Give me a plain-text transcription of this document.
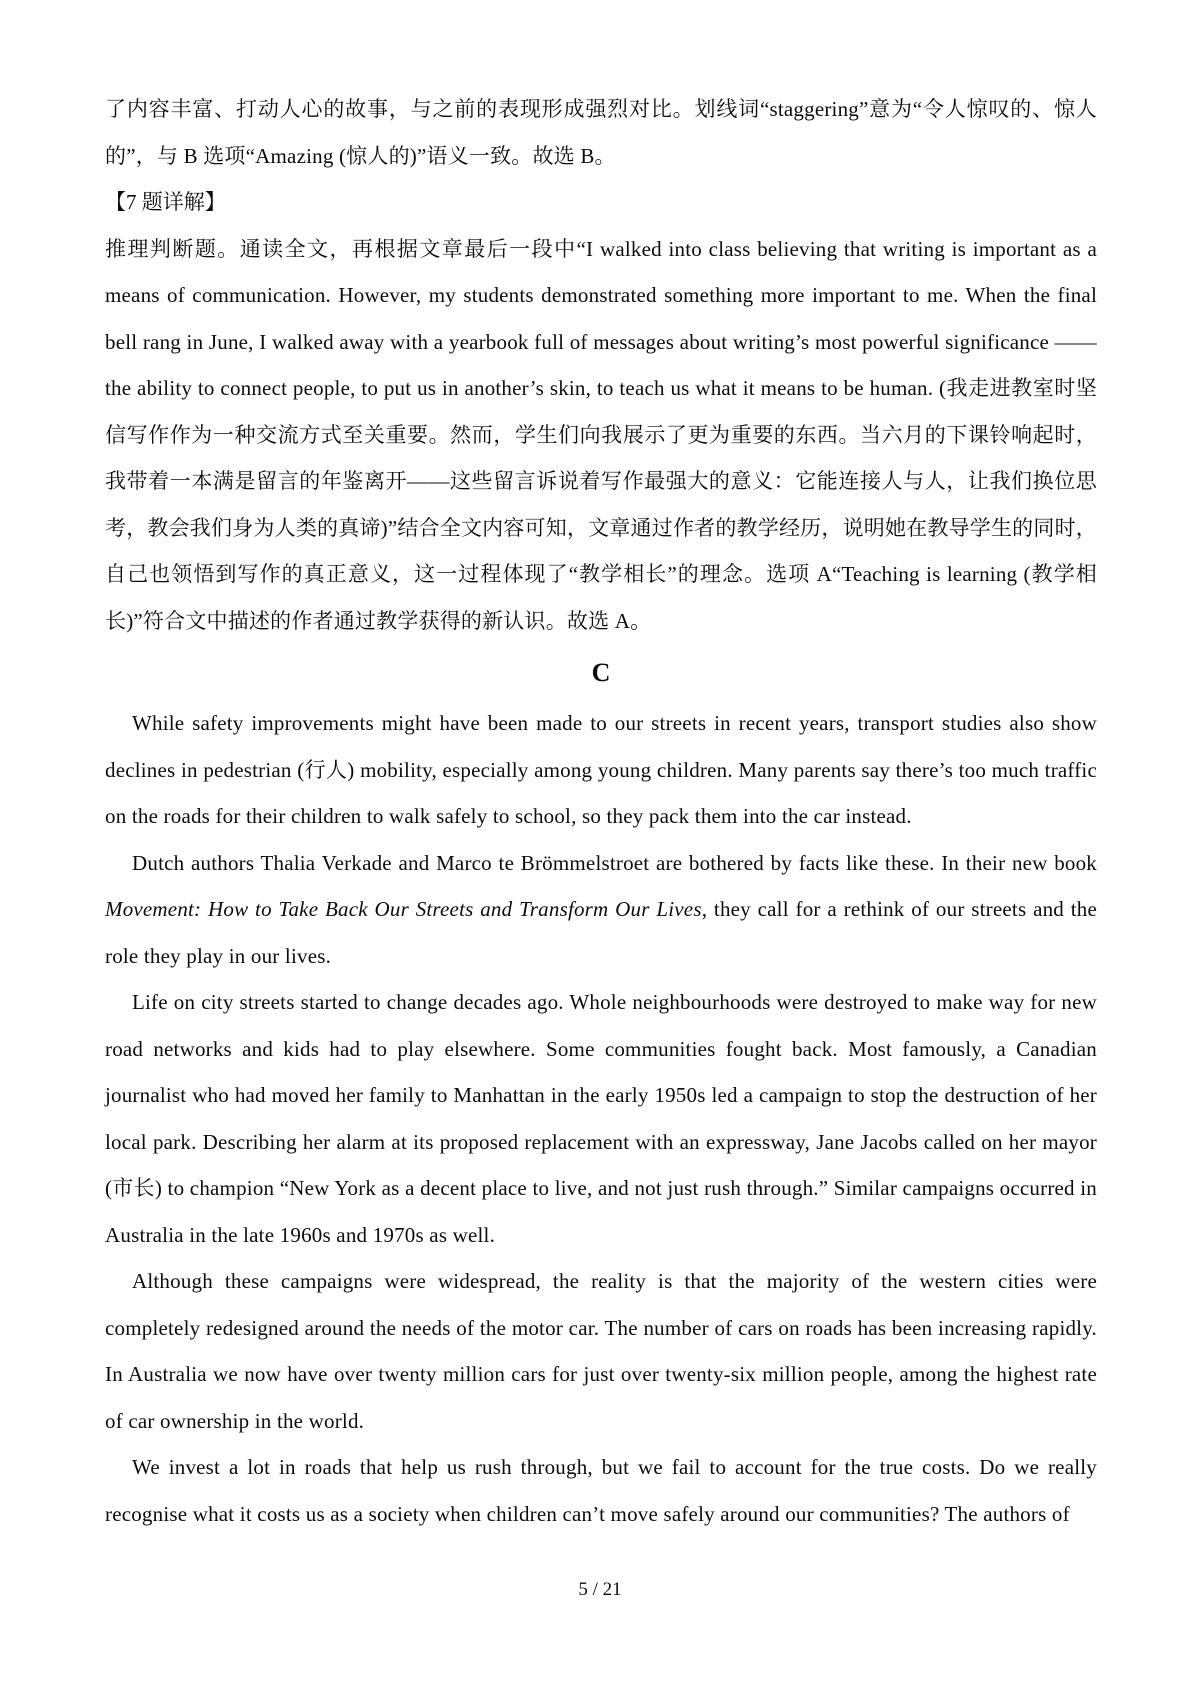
了内容丰富、打动人心的故事，与之前的表现形成强烈对比。划线词“staggering”意为“令人惊叹的、惊人的”，与 B 选项“Amazing (惊人的)”语义一致。故选 B。

【7 题详解】

推理判断题。通读全文，再根据文章最后一段中“I walked into class believing that writing is important as a means of communication. However, my students demonstrated something more important to me. When the final bell rang in June, I walked away with a yearbook full of messages about writing’s most powerful significance —— the ability to connect people, to put us in another’s skin, to teach us what it means to be human. (我走进教室时坚信写作作为一种交流方式至关重要。然而，学生们向我展示了更为重要的东西。当六月的下课铃响起时，我带着一本满是留言的年鉴离开——这些留言诉说着写作最强大的意义：它能连接人与人，让我们换位思考，教会我们身为人类的真谛)”结合全文内容可知，文章通过作者的教学经历，说明她在教导学生的同时，自己也领悟到写作的真正意义，这一过程体现了“教学相长”的理念。选项 A“Teaching is learning (教学相长)”符合文中描述的作者通过教学获得的新认识。故选 A。

C

While safety improvements might have been made to our streets in recent years, transport studies also show declines in pedestrian (行人) mobility, especially among young children. Many parents say there’s too much traffic on the roads for their children to walk safely to school, so they pack them into the car instead.

Dutch authors Thalia Verkade and Marco te Brömmelstroet are bothered by facts like these. In their new book Movement: How to Take Back Our Streets and Transform Our Lives, they call for a rethink of our streets and the role they play in our lives.

Life on city streets started to change decades ago. Whole neighbourhoods were destroyed to make way for new road networks and kids had to play elsewhere. Some communities fought back. Most famously, a Canadian journalist who had moved her family to Manhattan in the early 1950s led a campaign to stop the destruction of her local park. Describing her alarm at its proposed replacement with an expressway, Jane Jacobs called on her mayor (市长) to champion “New York as a decent place to live, and not just rush through.” Similar campaigns occurred in Australia in the late 1960s and 1970s as well.

Although these campaigns were widespread, the reality is that the majority of the western cities were completely redesigned around the needs of the motor car. The number of cars on roads has been increasing rapidly. In Australia we now have over twenty million cars for just over twenty-six million people, among the highest rate of car ownership in the world.

We invest a lot in roads that help us rush through, but we fail to account for the true costs. Do we really recognise what it costs us as a society when children can’t move safely around our communities? The authors of

5 / 21
